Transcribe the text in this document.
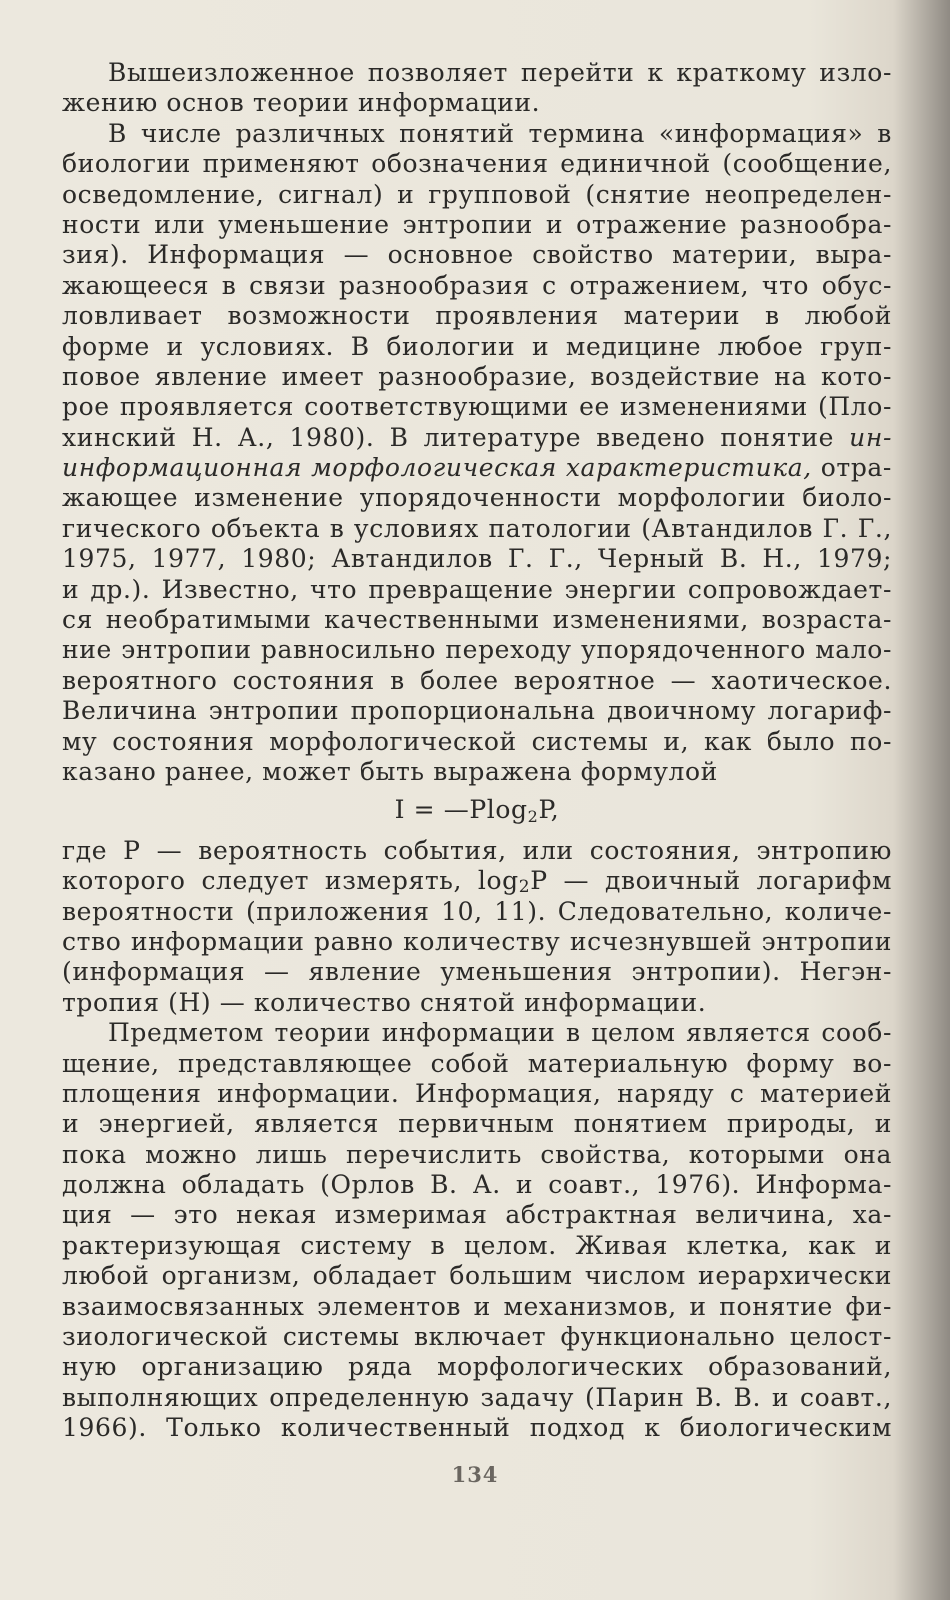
Вышеизложенное позволяет перейти к краткому изло-
жению основ теории информации.
В числе различных понятий термина «информация» в
биологии применяют обозначения единичной (сообщение,
осведомление, сигнал) и групповой (снятие неопределен-
ности или уменьшение энтропии и отражение разнообра-
зия). Информация — основное свойство материи, выра-
жающееся в связи разнообразия с отражением, что обус-
ловливает возможности проявления материи в любой
форме и условиях. В биологии и медицине любое груп-
повое явление имеет разнообразие, воздействие на кото-
рое проявляется соответствующими ее изменениями (Пло-
хинский Н. А., 1980). В литературе введено понятие ин-
информационная морфологическая характеристика, отра-
жающее изменение упорядоченности морфологии биоло-
гического объекта в условиях патологии (Автандилов Г. Г.,
1975, 1977, 1980; Автандилов Г. Г., Черный В. Н., 1979;
и др.). Известно, что превращение энергии сопровождает-
ся необратимыми качественными изменениями, возраста-
ние энтропии равносильно переходу упорядоченного мало-
вероятного состояния в более вероятное — хаотическое.
Величина энтропии пропорциональна двоичному логариф-
му состояния морфологической системы и, как было по-
казано ранее, может быть выражена формулой
I = —Plog$_2$P,
где P — вероятность события, или состояния, энтропию
которого следует измерять, $\log_2P$ — двоичный логарифм
вероятности (приложения 10, 11). Следовательно, количе-
ство информации равно количеству исчезнувшей энтропии
(информация — явление уменьшения энтропии). Негэн-
тропия (H) — количество снятой информации.
Предметом теории информации в целом является сооб-
щение, представляющее собой материальную форму во-
площения информации. Информация, наряду с материей
и энергией, является первичным понятием природы, и
пока можно лишь перечислить свойства, которыми она
должна обладать (Орлов В. А. и соавт., 1976). Информа-
ция — это некая измеримая абстрактная величина, ха-
рактеризующая систему в целом. Живая клетка, как и
любой организм, обладает большим числом иерархически
взаимосвязанных элементов и механизмов, и понятие фи-
зиологической системы включает функционально целост-
ную организацию ряда морфологических образований,
выполняющих определенную задачу (Парин В. В. и соавт.,
1966). Только количественный подход к биологическим
134
